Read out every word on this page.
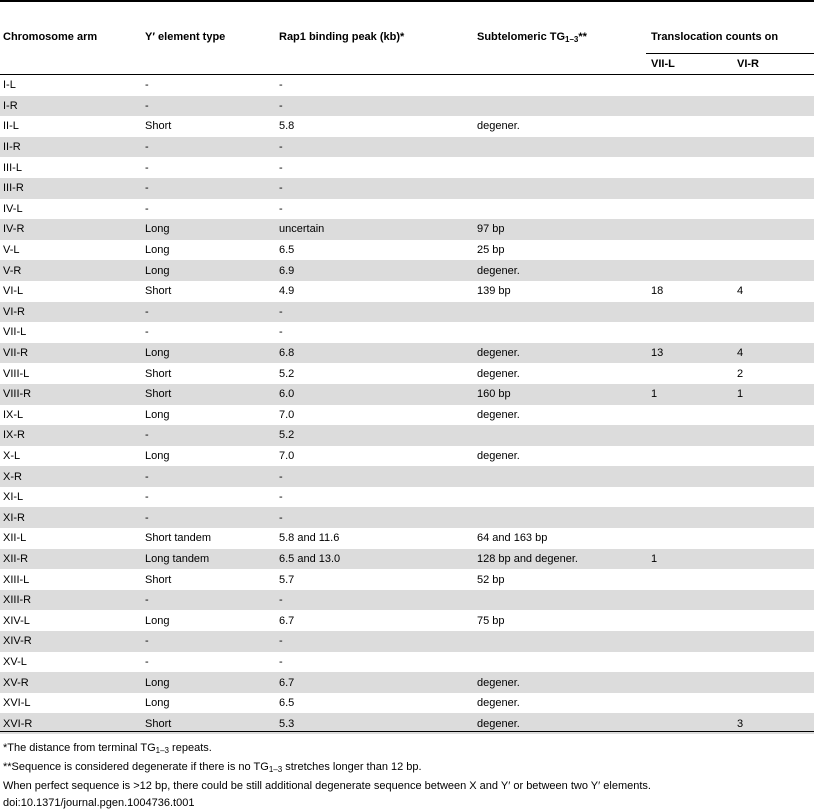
Chromosome arm	Y′ element type	Rap1 binding peak (kb)*	Subtelomeric $TG_{1-3}**$	Translocation counts on	
				VII-L	VI-R
I-L	-	-			
I-R	-	-			
II-L	Short	5.8	degener.		
II-R	-	-			
III-L	-	-			
III-R	-	-			
IV-L	-	-			
IV-R	Long	uncertain	97 bp		
V-L	Long	6.5	25 bp		
V-R	Long	6.9	degener.		
VI-L	Short	4.9	139 bp	18	4
VI-R	-	-			
VII-L	-	-			
VII-R	Long	6.8	degener.	13	4
VIII-L	Short	5.2	degener.		2
VIII-R	Short	6.0	160 bp	1	1
IX-L	Long	7.0	degener.		
IX-R	-	5.2			
X-L	Long	7.0	degener.		
X-R	-	-			
XI-L	-	-			
XI-R	-	-			
XII-L	Short tandem	5.8 and 11.6	64 and 163 bp		
XII-R	Long tandem	6.5 and 13.0	128 bp and degener.	1	
XIII-L	Short	5.7	52 bp		
XIII-R	-	-			
XIV-L	Long	6.7	75 bp		
XIV-R	-	-			
XV-L	-	-			
XV-R	Long	6.7	degener.		
XVI-L	Long	6.5	degener.		
XVI-R	Short	5.3	degener.		3
*The distance from terminal $TG_{1-3}$ repeats.
**Sequence is considered degenerate if there is no $TG_{1-3}$ stretches longer than 12 bp.
When perfect sequence is >12 bp, there could be still additional degenerate sequence between X and Y′ or between two Y′ elements.
doi:10.1371/journal.pgen.1004736.t001
